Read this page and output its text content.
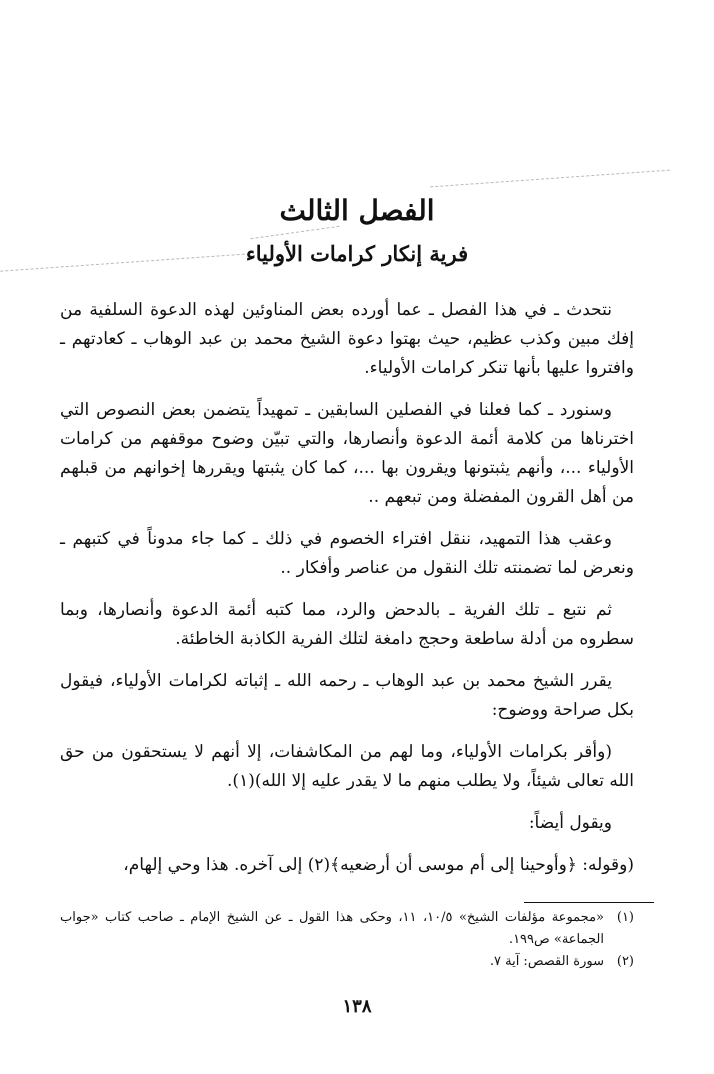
الفصل الثالث
فرية إنكار كرامات الأولياء

نتحدث ـ في هذا الفصل ـ عما أورده بعض المناوئين لهذه الدعوة السلفية من إفك مبين وكذب عظيم، حيث بهتوا دعوة الشيخ محمد بن عبد الوهاب ـ كعادتهم ـ وافتروا عليها بأنها تنكر كرامات الأولياء.

وسنورد ـ كما فعلنا في الفصلين السابقين ـ تمهيداً يتضمن بعض النصوص التي اخترناها من كلامة أئمة الدعوة وأنصارها، والتي تبيّن وضوح موقفهم من كرامات الأولياء ...، وأنهم يثبتونها ويقرون بها ...، كما كان يثبتها ويقررها إخوانهم من قبلهم من أهل القرون المفضلة ومن تبعهم ..

وعقب هذا التمهيد، ننقل افتراء الخصوم في ذلك ـ كما جاء مدوناً في كتبهم ـ ونعرض لما تضمنته تلك النقول من عناصر وأفكار ..

ثم نتبع ـ تلك الفرية ـ بالدحض والرد، مما كتبه أئمة الدعوة وأنصارها، وبما سطروه من أدلة ساطعة وحجج دامغة لتلك الفرية الكاذبة الخاطئة.

يقرر الشيخ محمد بن عبد الوهاب ـ رحمه الله ـ إثباته لكرامات الأولياء، فيقول بكل صراحة ووضوح:

(وأقر بكرامات الأولياء، وما لهم من المكاشفات، إلا أنهم لا يستحقون من حق الله تعالى شيئاً، ولا يطلب منهم ما لا يقدر عليه إلا الله)(١).

ويقول أيضاً:

(وقوله: ﴿وأوحينا إلى أم موسى أن أرضعيه﴾(٢) إلى آخره. هذا وحي إلهام،

(١)
«مجموعة مؤلفات الشيخ» ١٠/٥، ١١، وحكى هذا القول ـ عن الشيخ الإمام ـ صاحب كتاب «جواب الجماعة» ص١٩٩.
(٢)
سورة القصص: آية ٧.
١٣٨
